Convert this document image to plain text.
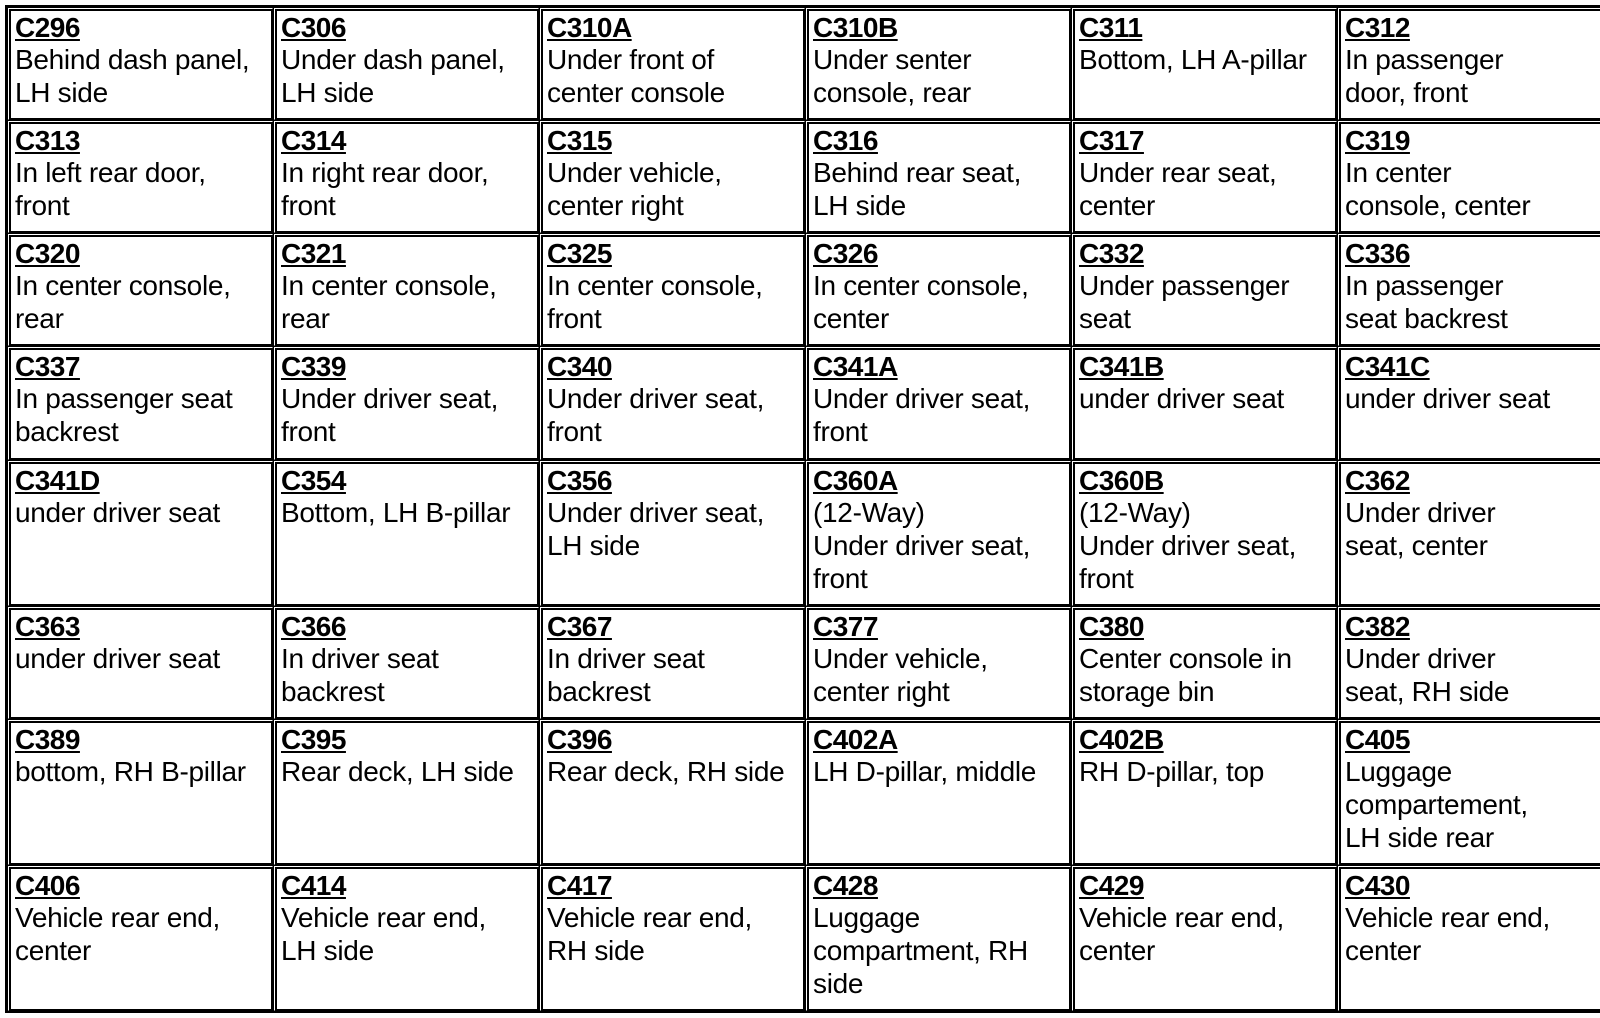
C296
Behind dash panel,
LH side	C306
Under dash panel,
LH side	C310A
Under front of
center console	C310B
Under senter
console, rear	C311
Bottom, LH A-pillar	C312
In passenger
door, front

C313
In left rear door,
front	C314
In right rear door,
front	C315
Under vehicle,
center right	C316
Behind rear seat,
LH side	C317
Under rear seat,
center	C319
In center
console, center

C320
In center console,
rear	C321
In center console,
rear	C325
In center console,
front	C326
In center console,
center	C332
Under passenger
seat	C336
In passenger
seat backrest

C337
In passenger seat
backrest	C339
Under driver seat,
front	C340
Under driver seat,
front	C341A
Under driver seat,
front	C341B
under driver seat	C341C
under driver seat

C341D
under driver seat	C354
Bottom, LH B-pillar	C356
Under driver seat,
LH side	C360A
(12-Way)
Under driver seat,
front	C360B
(12-Way)
Under driver seat,
front	C362
Under driver
seat, center

C363
under driver seat	C366
In driver seat
backrest	C367
In driver seat
backrest	C377
Under vehicle,
center right	C380
Center console in
storage bin	C382
Under driver
seat, RH side

C389
bottom, RH B-pillar	C395
Rear deck, LH side	C396
Rear deck, RH side	C402A
LH D-pillar, middle	C402B
RH D-pillar, top	C405
Luggage
compartement,
LH side rear

C406
Vehicle rear end,
center	C414
Vehicle rear end,
LH side	C417
Vehicle rear end,
RH side	C428
Luggage
compartment, RH
side	C429
Vehicle rear end,
center	C430
Vehicle rear end,
center
